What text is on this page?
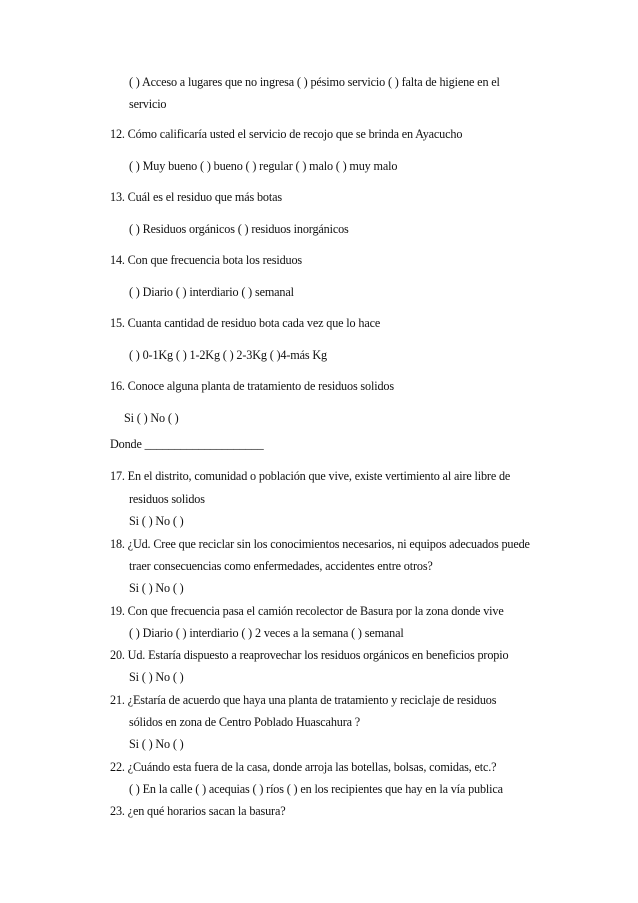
( ) Acceso a lugares que no ingresa ( ) pésimo servicio ( ) falta de higiene en el
servicio
12. Cómo calificaría usted el servicio de recojo que se brinda en Ayacucho
( ) Muy bueno ( ) bueno ( ) regular ( ) malo ( ) muy malo
13. Cuál es el residuo que más botas
( ) Residuos orgánicos ( ) residuos inorgánicos
14. Con que frecuencia bota los residuos
( ) Diario ( ) interdiario ( ) semanal
15. Cuanta cantidad de residuo bota cada vez que lo hace
( ) 0-1Kg ( ) 1-2Kg ( ) 2-3Kg ( )4-más Kg
16. Conoce alguna planta de tratamiento de residuos solidos
Si ( ) No ( )
Donde ____________________
17. En el distrito, comunidad o población que vive, existe vertimiento al aire libre de
residuos solidos
Si ( ) No ( )
18. ¿Ud. Cree que reciclar sin los conocimientos necesarios, ni equipos adecuados puede
traer consecuencias como enfermedades, accidentes entre otros?
Si ( ) No ( )
19. Con que frecuencia pasa el camión recolector de Basura por la zona donde vive
( ) Diario ( ) interdiario ( ) 2 veces a la semana ( ) semanal
20. Ud. Estaría dispuesto a reaprovechar los residuos orgánicos en beneficios propio
Si ( ) No ( )
21. ¿Estaría de acuerdo que haya una planta de tratamiento y reciclaje de residuos
sólidos en zona de Centro Poblado Huascahura ?
Si ( ) No ( )
22. ¿Cuándo esta fuera de la casa, donde arroja las botellas, bolsas, comidas, etc.?
( ) En la calle ( ) acequias ( ) ríos ( ) en los recipientes que hay en la vía publica
23. ¿en qué horarios sacan la basura?
